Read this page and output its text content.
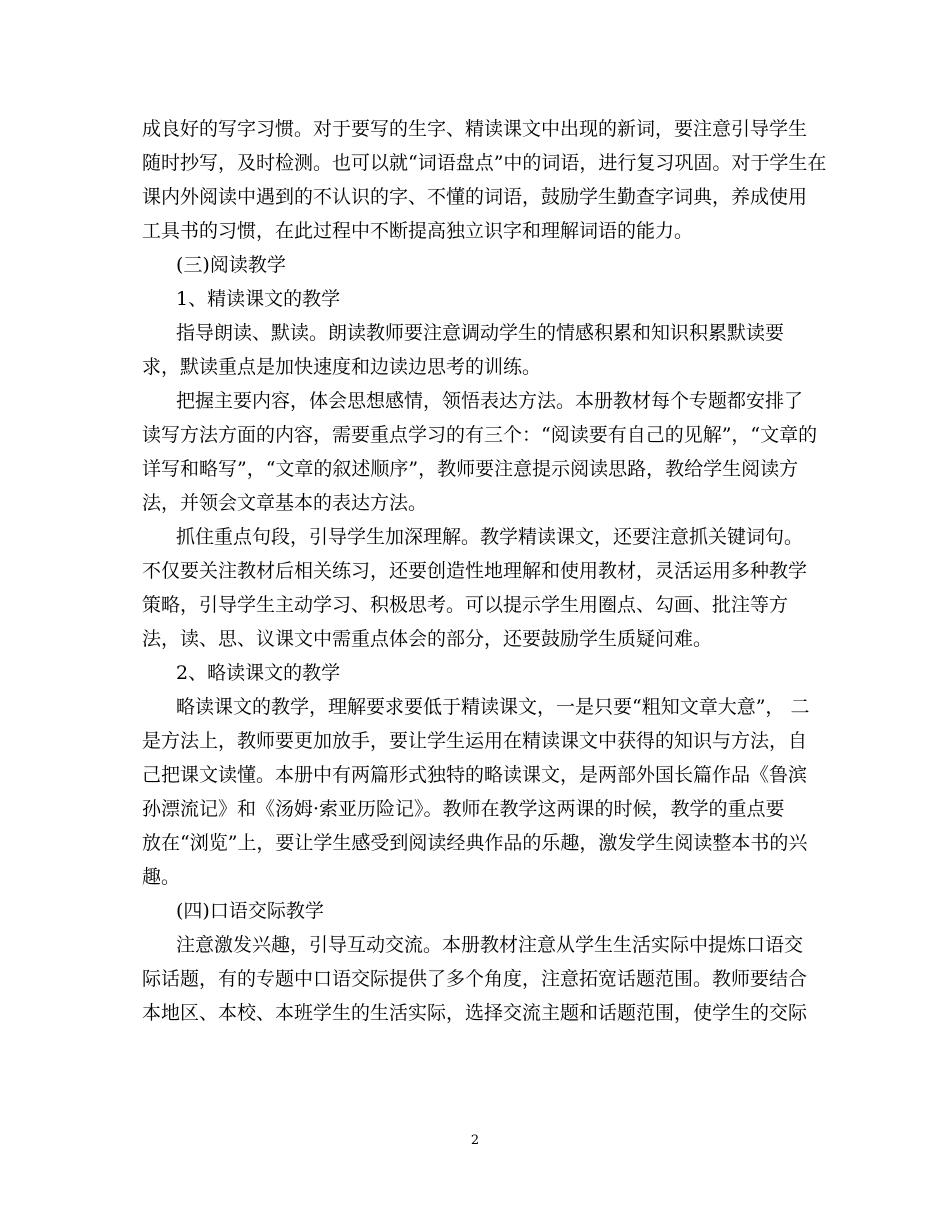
成良好的写字习惯。对于要写的生字、精读课文中出现的新词，要注意引导学生
随时抄写，及时检测。也可以就“词语盘点”中的词语，进行复习巩固。对于学生在
课内外阅读中遇到的不认识的字、不懂的词语，鼓励学生勤查字词典，养成使用
工具书的习惯，在此过程中不断提高独立识字和理解词语的能力。
(三)阅读教学
1、精读课文的教学
指导朗读、默读。朗读教师要注意调动学生的情感积累和知识积累默读要
求，默读重点是加快速度和边读边思考的训练。
把握主要内容，体会思想感情，领悟表达方法。本册教材每个专题都安排了
读写方法方面的内容，需要重点学习的有三个：“阅读要有自己的见解”，“文章的
详写和略写”，“文章的叙述顺序”，教师要注意提示阅读思路，教给学生阅读方
法，并领会文章基本的表达方法。
抓住重点句段，引导学生加深理解。教学精读课文，还要注意抓关键词句。
不仅要关注教材后相关练习，还要创造性地理解和使用教材，灵活运用多种教学
策略，引导学生主动学习、积极思考。可以提示学生用圈点、勾画、批注等方
法，读、思、议课文中需重点体会的部分，还要鼓励学生质疑问难。
2、略读课文的教学
略读课文的教学，理解要求要低于精读课文，一是只要“粗知文章大意”， 二
是方法上，教师要更加放手，要让学生运用在精读课文中获得的知识与方法，自
己把课文读懂。本册中有两篇形式独特的略读课文，是两部外国长篇作品《鲁滨
孙漂流记》和《汤姆·索亚历险记》。教师在教学这两课的时候，教学的重点要
放在“浏览”上，要让学生感受到阅读经典作品的乐趣，激发学生阅读整本书的兴
趣。
(四)口语交际教学
注意激发兴趣，引导互动交流。本册教材注意从学生生活实际中提炼口语交
际话题，有的专题中口语交际提供了多个角度，注意拓宽话题范围。教师要结合
本地区、本校、本班学生的生活实际，选择交流主题和话题范围，使学生的交际
2
